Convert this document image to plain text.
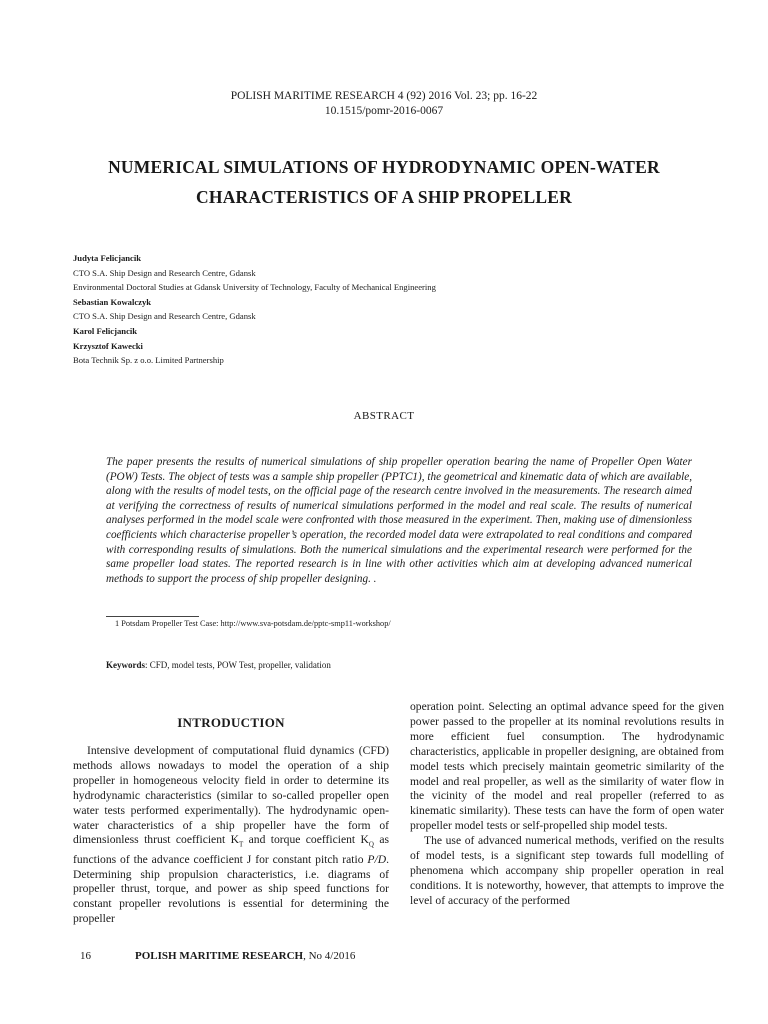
POLISH MARITIME RESEARCH 4 (92) 2016 Vol. 23; pp. 16-22
10.1515/pomr-2016-0067
NUMERICAL SIMULATIONS OF HYDRODYNAMIC OPEN-WATER
CHARACTERISTICS OF A SHIP PROPELLER
Judyta Felicjancik
CTO S.A. Ship Design and Research Centre, Gdansk
Environmental Doctoral Studies at Gdansk University of Technology, Faculty of Mechanical Engineering
Sebastian Kowalczyk
CTO S.A. Ship Design and Research Centre, Gdansk
Karol Felicjancik
Krzysztof Kawecki
Bota Technik Sp. z o.o. Limited Partnership
ABSTRACT
The paper presents the results of numerical simulations of ship propeller operation bearing the name of Propeller Open Water (POW) Tests. The object of tests was a sample ship propeller (PPTC1), the geometrical and kinematic data of which are available, along with the results of model tests, on the official page of the research centre involved in the measurements. The research aimed at verifying the correctness of results of numerical simulations performed in the model and real scale. The results of numerical analyses performed in the model scale were confronted with those measured in the experiment. Then, making use of dimensionless coefficients which characterise propeller’s operation, the recorded model data were extrapolated to real conditions and compared with corresponding results of simulations. Both the numerical simulations and the experimental research were performed for the same propeller load states. The reported research is in line with other activities which aim at developing advanced numerical methods to support the process of ship propeller designing. .
1 Potsdam Propeller Test Case: http://www.sva-potsdam.de/pptc-smp11-workshop/
Keywords: CFD, model tests, POW Test, propeller, validation
INTRODUCTION

Intensive development of computational fluid dynamics (CFD) methods allows nowadays to model the operation of a ship propeller in homogeneous velocity field in order to determine its hydrodynamic characteristics (similar to so-called propeller open water tests performed experimentally). The hydrodynamic open-water characteristics of a ship propeller have the form of dimensionless thrust coefficient $K_T$ and torque coefficient $K_Q$ as functions of the advance coefficient J for constant pitch ratio P/D. Determining ship propulsion characteristics, i.e. diagrams of propeller thrust, torque, and power as ship speed functions for constant propeller revolutions is essential for determining the propeller

operation point. Selecting an optimal advance speed for the given power passed to the propeller at its nominal revolutions results in more efficient fuel consumption. The hydrodynamic characteristics, applicable in propeller designing, are obtained from model tests which precisely maintain geometric similarity of the model and real propeller, as well as the similarity of water flow in the vicinity of the model and real propeller (referred to as kinematic similarity). These tests can have the form of open water propeller model tests or self-propelled ship model tests.

The use of advanced numerical methods, verified on the results of model tests, is a significant step towards full modelling of phenomena which accompany ship propeller operation in real conditions. It is noteworthy, however, that attempts to improve the level of accuracy of the performed

16	POLISH MARITIME RESEARCH, No 4/2016
